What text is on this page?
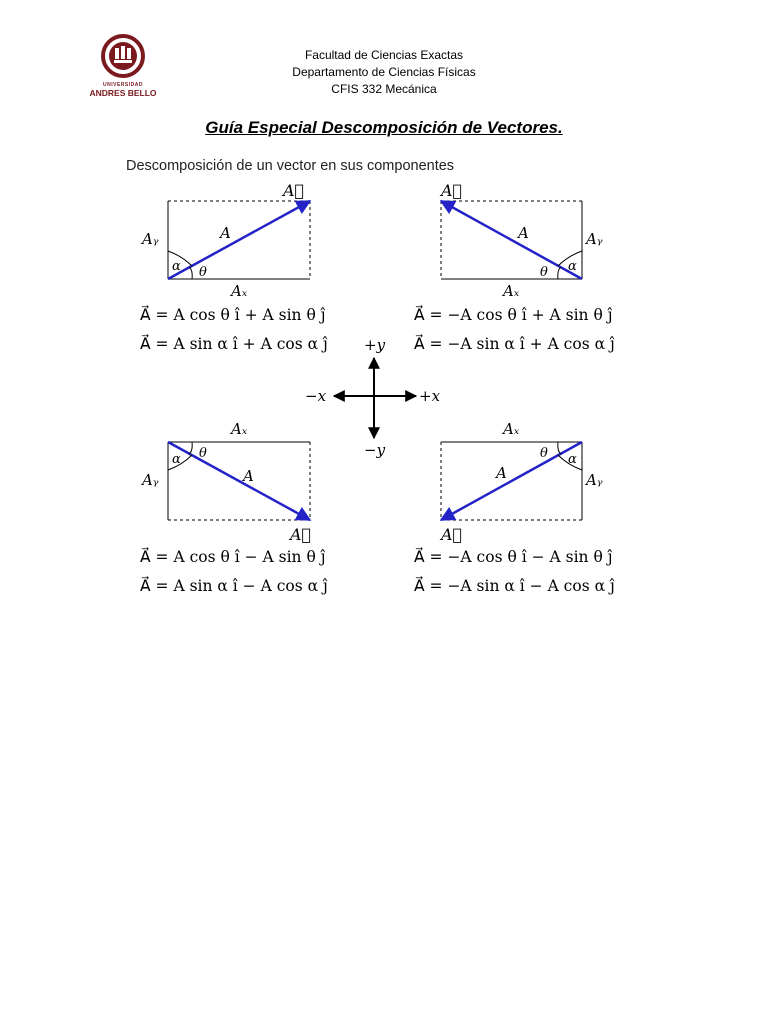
UNIVERSIDAD
ANDRES BELLO
Facultad de Ciencias Exactas
Departamento de Ciencias Físicas
CFIS 332 Mecánica
Guía Especial Descomposición de Vectores.
Descomposición de un vector en sus componentes
A⃗
A
Aᵧ
Aₓ
α θ
A⃗
A	Aᵧ
Aₓ
α
θ
Aₓ
Aᵧ	A
α θ
A⃗
Aₓ
Aᵧ
A
α
θ
A⃗
+y
−x	+x
−y
A⃗ = A cos θ î + A sin θ ĵ
A⃗ = A sin α î + A cos α ĵ
A⃗ = −A cos θ î + A sin θ ĵ
A⃗ = −A sin α î + A cos α ĵ
A⃗ = A cos θ î − A sin θ ĵ
A⃗ = A sin α î − A cos α ĵ
A⃗ = −A cos θ î − A sin θ ĵ
A⃗ = −A sin α î − A cos α ĵ
